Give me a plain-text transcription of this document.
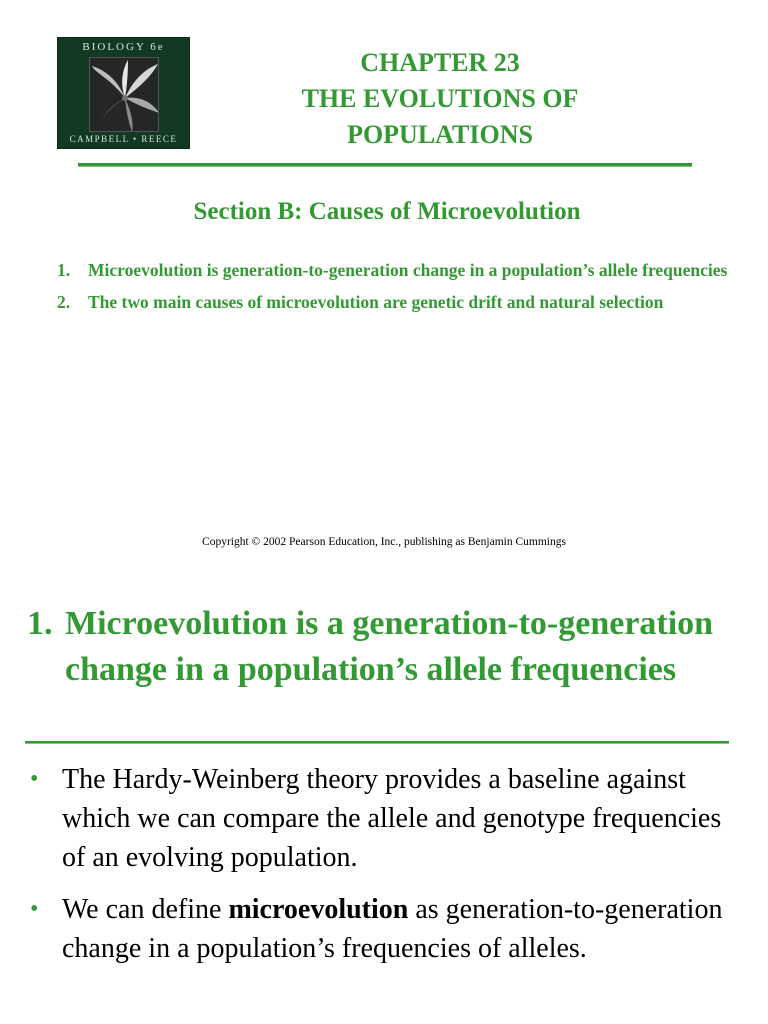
BIOLOGY 6e
CAMPBELL • REECE
CHAPTER 23
THE EVOLUTIONS OF
POPULATIONS
Section B: Causes of Microevolution
1. Microevolution is generation-to-generation change in a population’s allele frequencies
2. The two main causes of microevolution are genetic drift and natural selection
Copyright © 2002 Pearson Education, Inc., publishing as Benjamin Cummings
1. Microevolution is a generation-to-generation change in a population’s allele frequencies
• The Hardy-Weinberg theory provides a baseline against which we can compare the allele and genotype frequencies of an evolving population.
• We can define microevolution as generation-to-generation change in a population’s frequencies of alleles.
